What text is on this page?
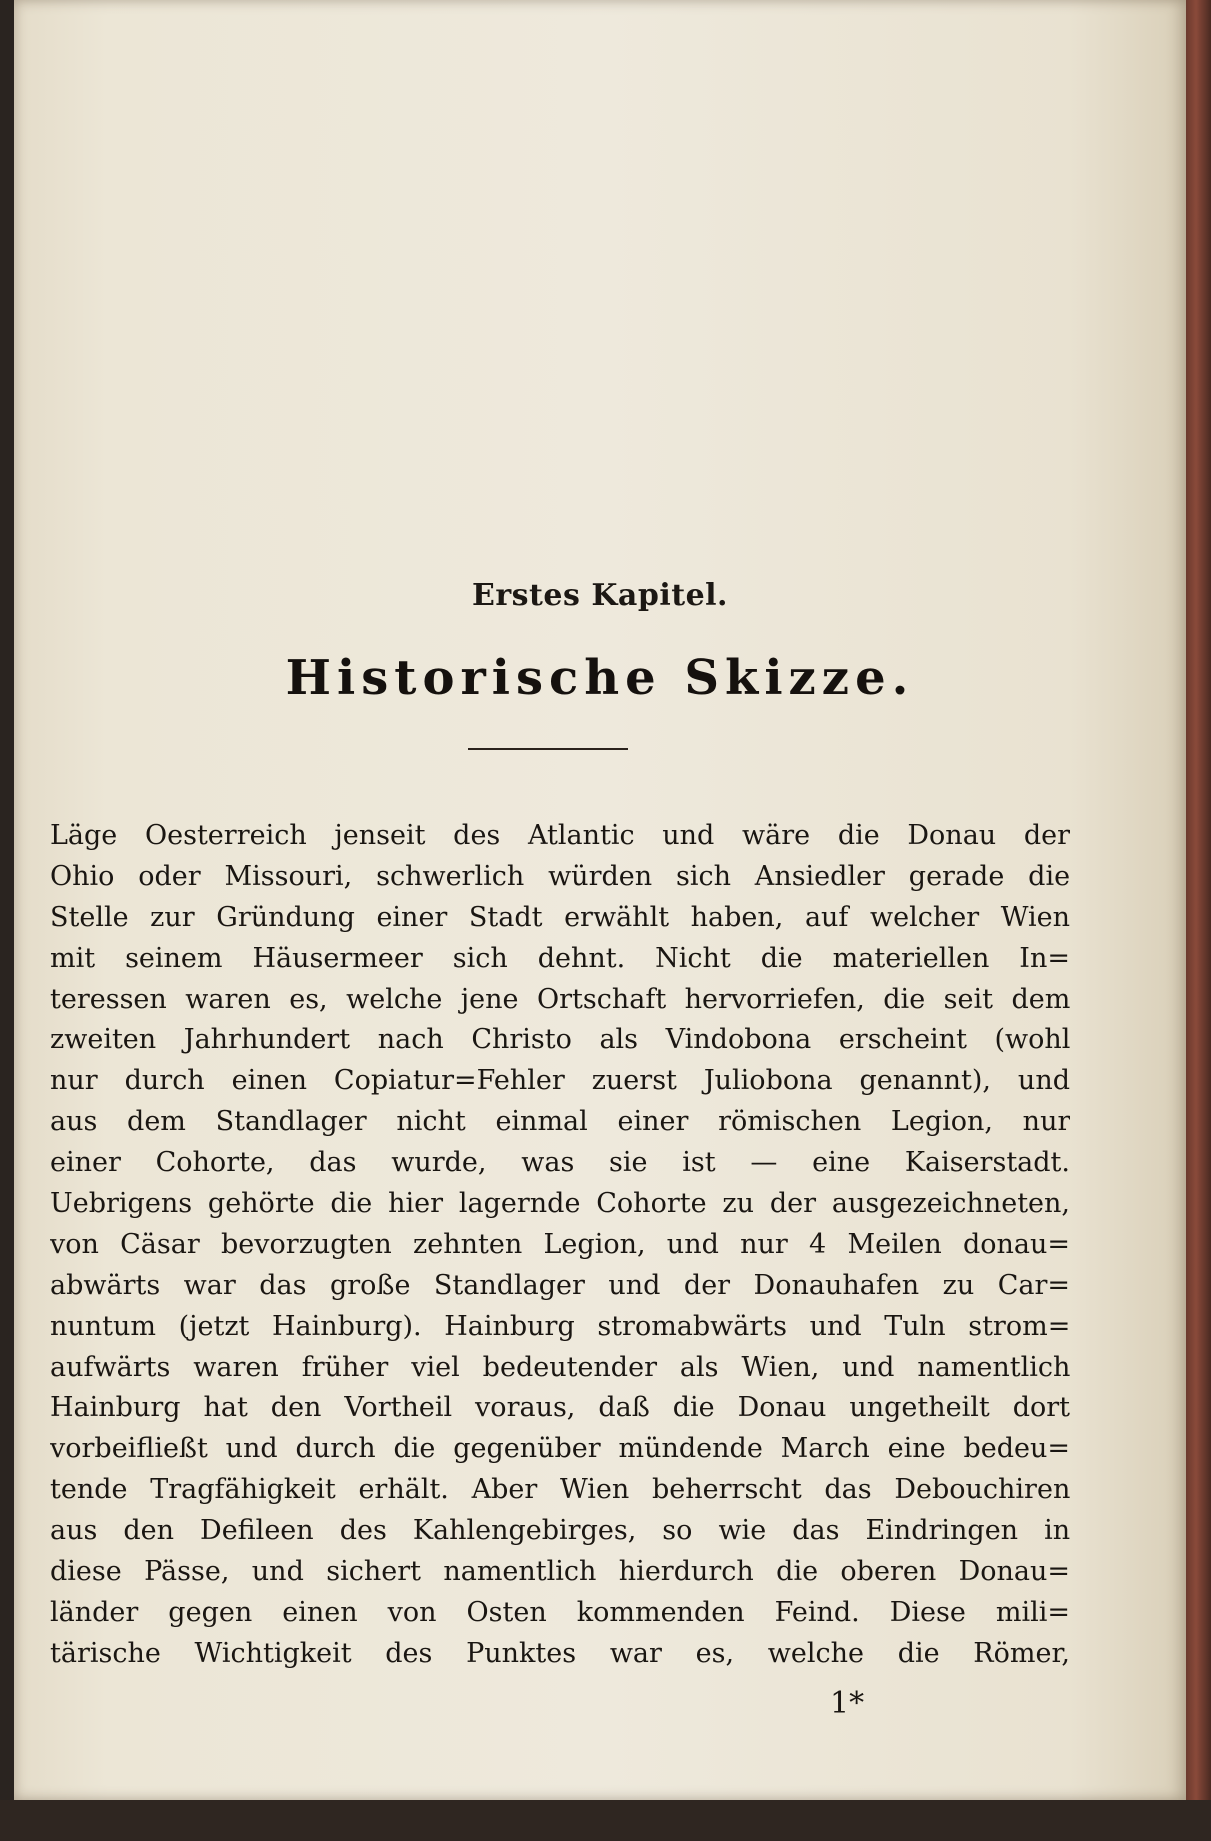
Erstes Kapitel.
Historische Skizze.
Läge Oesterreich jenseit des Atlantic und wäre die Donau der
Ohio oder Missouri, schwerlich würden sich Ansiedler gerade die
Stelle zur Gründung einer Stadt erwählt haben, auf welcher Wien
mit seinem Häusermeer sich dehnt. Nicht die materiellen In=
teressen waren es, welche jene Ortschaft hervorriefen, die seit dem
zweiten Jahrhundert nach Christo als Vindobona erscheint (wohl
nur durch einen Copiatur=Fehler zuerst Juliobona genannt), und
aus dem Standlager nicht einmal einer römischen Legion, nur
einer Cohorte, das wurde, was sie ist — eine Kaiserstadt.
Uebrigens gehörte die hier lagernde Cohorte zu der ausgezeichneten,
von Cäsar bevorzugten zehnten Legion, und nur 4 Meilen donau=
abwärts war das große Standlager und der Donauhafen zu Car=
nuntum (jetzt Hainburg). Hainburg stromabwärts und Tuln strom=
aufwärts waren früher viel bedeutender als Wien, und namentlich
Hainburg hat den Vortheil voraus, daß die Donau ungetheilt dort
vorbeifließt und durch die gegenüber mündende March eine bedeu=
tende Tragfähigkeit erhält. Aber Wien beherrscht das Debouchiren
aus den Defileen des Kahlengebirges, so wie das Eindringen in
diese Pässe, und sichert namentlich hierdurch die oberen Donau=
länder gegen einen von Osten kommenden Feind. Diese mili=
tärische Wichtigkeit des Punktes war es, welche die Römer,
1*
